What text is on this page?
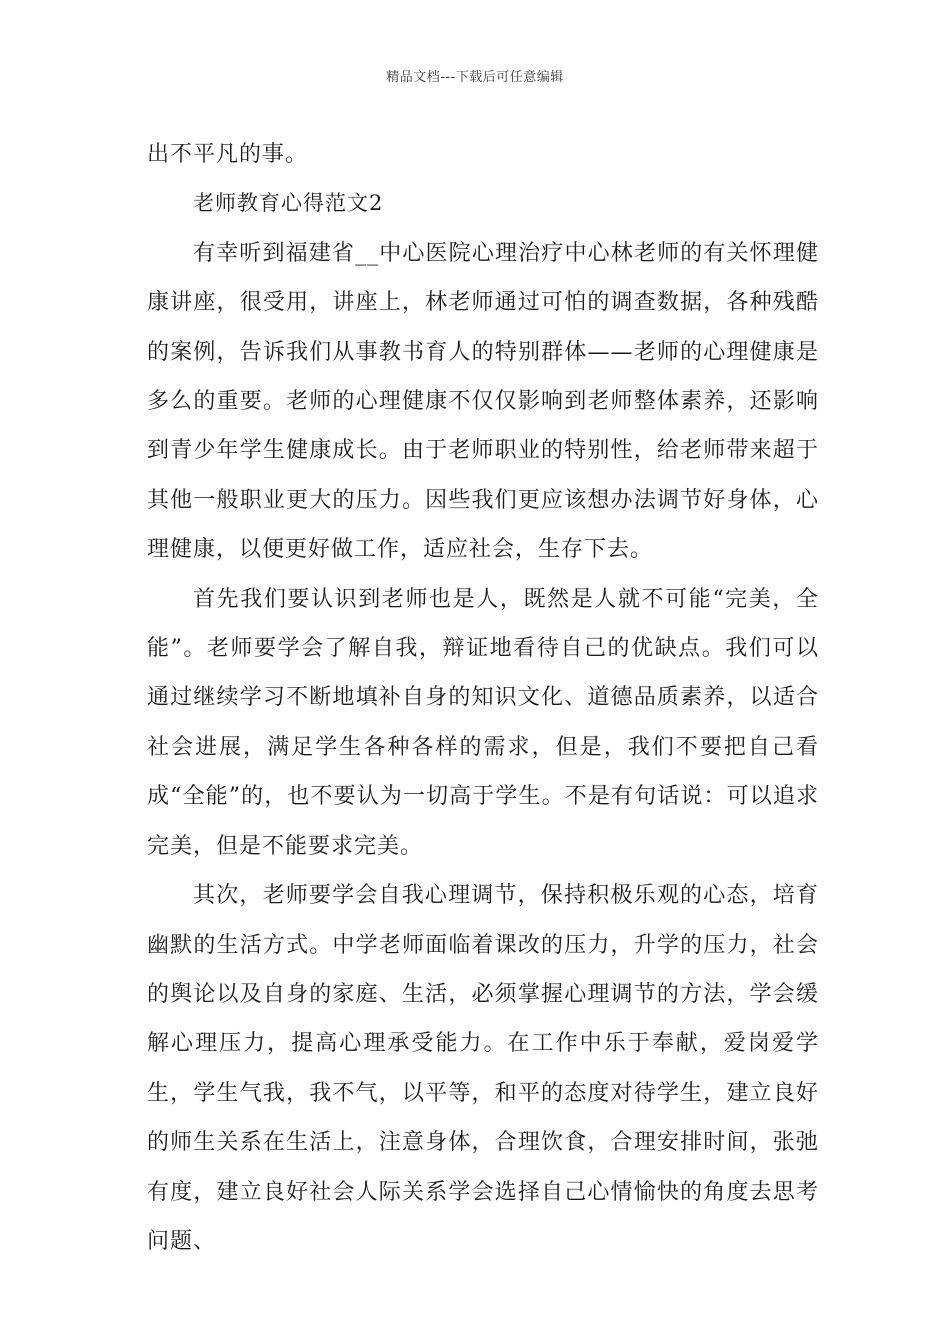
精品文档---下载后可任意编辑

出不平凡的事。

老师教育心得范文2

有幸听到福建省__中心医院心理治疗中心林老师的有关怀理健康讲座，很受用，讲座上，林老师通过可怕的调查数据，各种残酷的案例，告诉我们从事教书育人的特别群体——老师的心理健康是多么的重要。老师的心理健康不仅仅影响到老师整体素养，还影响到青少年学生健康成长。由于老师职业的特别性，给老师带来超于其他一般职业更大的压力。因些我们更应该想办法调节好身体，心理健康，以便更好做工作，适应社会，生存下去。

首先我们要认识到老师也是人，既然是人就不可能“完美，全能”。老师要学会了解自我，辩证地看待自己的优缺点。我们可以通过继续学习不断地填补自身的知识文化、道德品质素养，以适合社会进展，满足学生各种各样的需求，但是，我们不要把自己看成“全能”的，也不要认为一切高于学生。不是有句话说：可以追求完美，但是不能要求完美。

其次，老师要学会自我心理调节，保持积极乐观的心态，培育幽默的生活方式。中学老师面临着课改的压力，升学的压力，社会的舆论以及自身的家庭、生活，必须掌握心理调节的方法，学会缓解心理压力，提高心理承受能力。在工作中乐于奉献，爱岗爱学生，学生气我，我不气，以平等，和平的态度对待学生，建立良好的师生关系在生活上，注意身体，合理饮食，合理安排时间，张弛有度，建立良好社会人际关系学会选择自己心情愉快的角度去思考问题、
